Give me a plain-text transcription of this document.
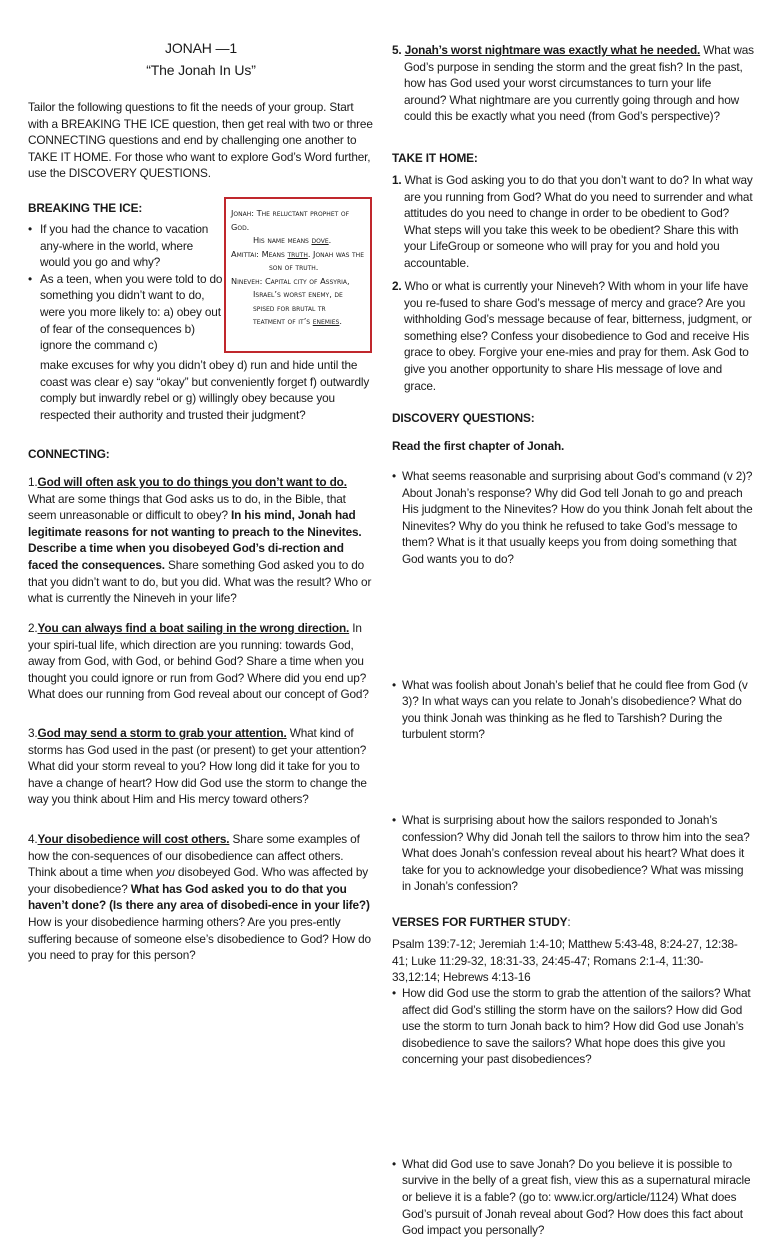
JONAH —1
“The Jonah In Us”

Tailor the following questions to fit the needs of your group. Start with a BREAKING THE ICE question, then get real with two or three CONNECTING questions and end by challenging one another to TAKE IT HOME. For those who want to explore God’s Word further, use the DISCOVERY QUESTIONS.

BREAKING THE ICE:

• If you had the chance to vacation any-where in the world, where would you go and why?

• As a teen, when you were told to do something you didn’t want to do, were you more likely to: a) obey out of fear of the consequences b) ignore the command c)

make excuses for why you didn’t obey d) run and hide until the coast was clear e) say “okay” but conveniently forget f) outwardly comply but inwardly rebel or g) willingly obey because you respected their authority and trusted their judgment?

CONNECTING:

1.God will often ask you to do things you don’t want to do. What are some things that God asks us to do, in the Bible, that seem unreasonable or difficult to obey? In his mind, Jonah had legitimate reasons for not wanting to preach to the Ninevites. Describe a time when you disobeyed God’s di-rection and faced the consequences. Share something God asked you to do that you didn’t want to do, but you did. What was the result? Who or what is currently the Nineveh in your life?

2.You can always find a boat sailing in the wrong direction. In your spiri-tual life, which direction are you running: towards God, away from God, with God, or behind God? Share a time when you thought you could ignore or run from God? Where did you end up? What does our running from God reveal about our concept of God?

3.God may send a storm to grab your attention. What kind of storms has God used in the past (or present) to get your attention? What did your storm reveal to you? How long did it take for you to have a change of heart? How did God use the storm to change the way you think about Him and His mercy toward others?

4.Your disobedience will cost others. Share some examples of how the con-sequences of our disobedience can affect others. Think about a time when you disobeyed God. Who was affected by your disobedience? What has God asked you to do that you haven’t done? (Is there any area of disobedi-ence in your life?) How is your disobedience harming others? Are you pres-ently suffering because of someone else’s disobedience to God? How do you need to pray for this person?

Jonah: The reluctant prophet of God.
His name means dove.
Amittai: Means truth. Jonah was the
son of truth.
Nineveh: Capital city of Assyria,
Israel’s worst enemy, de
spised for brutal tr
teatment of it’s enemies.

5. Jonah’s worst nightmare was exactly what he needed. What was God’s purpose in sending the storm and the great fish? In the past, how has God used your worst circumstances to turn your life around? What nightmare are you currently going through and how could this be exactly what you need (from God’s perspective)?

TAKE IT HOME:

1. What is God asking you to do that you don’t want to do? In what way are you running from God? What do you need to surrender and what attitudes do you need to change in order to be obedient to God? What steps will you take this week to be obedient? Share this with your LifeGroup or someone who will pray for you and hold you accountable.

2. Who or what is currently your Nineveh? With whom in your life have you re-fused to share God’s message of mercy and grace? Are you withholding God’s message because of fear, bitterness, judgment, or something else? Confess your disobedience to God and receive His grace to obey. Forgive your ene-mies and pray for them. Ask God to give you another opportunity to share His message of love and grace.

DISCOVERY QUESTIONS:

Read the first chapter of Jonah.

• What seems reasonable and surprising about God’s command (v 2)? About Jonah’s response? Why did God tell Jonah to go and preach His judgment to the Ninevites? How do you think Jonah felt about the Ninevites? Why do you think he refused to take God’s message to them? What is it that usually keeps you from doing something that God wants you to do?

• What was foolish about Jonah’s belief that he could flee from God (v 3)? In what ways can you relate to Jonah’s disobedience? What do you think Jonah was thinking as he fled to Tarshish? During the turbulent storm?

• What is surprising about how the sailors responded to Jonah’s confession? Why did Jonah tell the sailors to throw him into the sea? What does Jonah’s confession reveal about his heart? What does it take for you to acknowledge your disobedience? What was missing in Jonah’s confession?

• How did God use the storm to grab the attention of the sailors? What affect did God’s stilling the storm have on the sailors? How did God use the storm to turn Jonah back to him? How did God use Jonah’s disobedience to save the sailors? What hope does this give you concerning your past disobediences?

• What did God use to save Jonah? Do you believe it is possible to survive in the belly of a great fish, view this as a supernatural miracle or believe it is a fable? (go to: www.icr.org/article/1124) What does God’s pursuit of Jonah reveal about God? How does this fact about God impact you personally?

VERSES FOR FURTHER STUDY:

Psalm 139:7-12; Jeremiah 1:4-10; Matthew 5:43-48, 8:24-27, 12:38-41; Luke 11:29-32, 18:31-33, 24:45-47; Romans 2:1-4, 11:30-33,12:14; Hebrews 4:13-16
